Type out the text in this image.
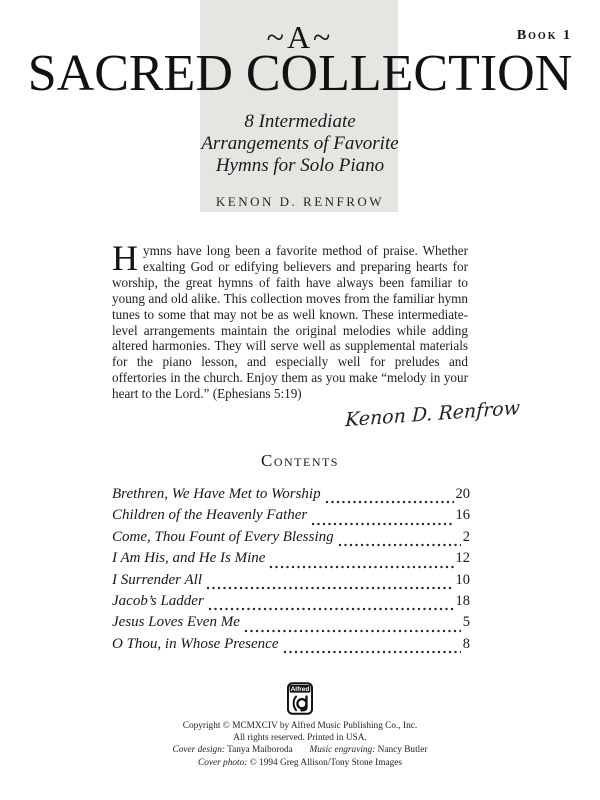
Book 1
~A~
SACRED COLLECTION
8 Intermediate
Arrangements of Favorite
Hymns for Solo Piano
KENON D. RENFROW

Hymns have long been a favorite method of praise. Whether exalting God or edifying believers and preparing hearts for worship, the great hymns of faith have always been familiar to young and old alike. This collection moves from the familiar hymn tunes to some that may not be as well known. These intermediate-level arrangements maintain the original melodies while adding altered harmonies. They will serve well as supplemental materials for the piano lesson, and especially well for preludes and offertories in the church. Enjoy them as you make “melody in your heart to the Lord.” (Ephesians 5:19)

Kenon D. Renfrow
Contents
Brethren, We Have Met to Worship	20
Children of the Heavenly Father	16
Come, Thou Fount of Every Blessing	2
I Am His, and He Is Mine	12
I Surrender All	10
Jacob’s Ladder	18
Jesus Loves Even Me	5
O Thou, in Whose Presence	8
Alfred
Copyright © MCMXCIV by Alfred Music Publishing Co., Inc.
All rights reserved. Printed in USA.
Cover design: Tanya Maiboroda Music engraving: Nancy Butler
Cover photo: © 1994 Greg Allison/Tony Stone Images
